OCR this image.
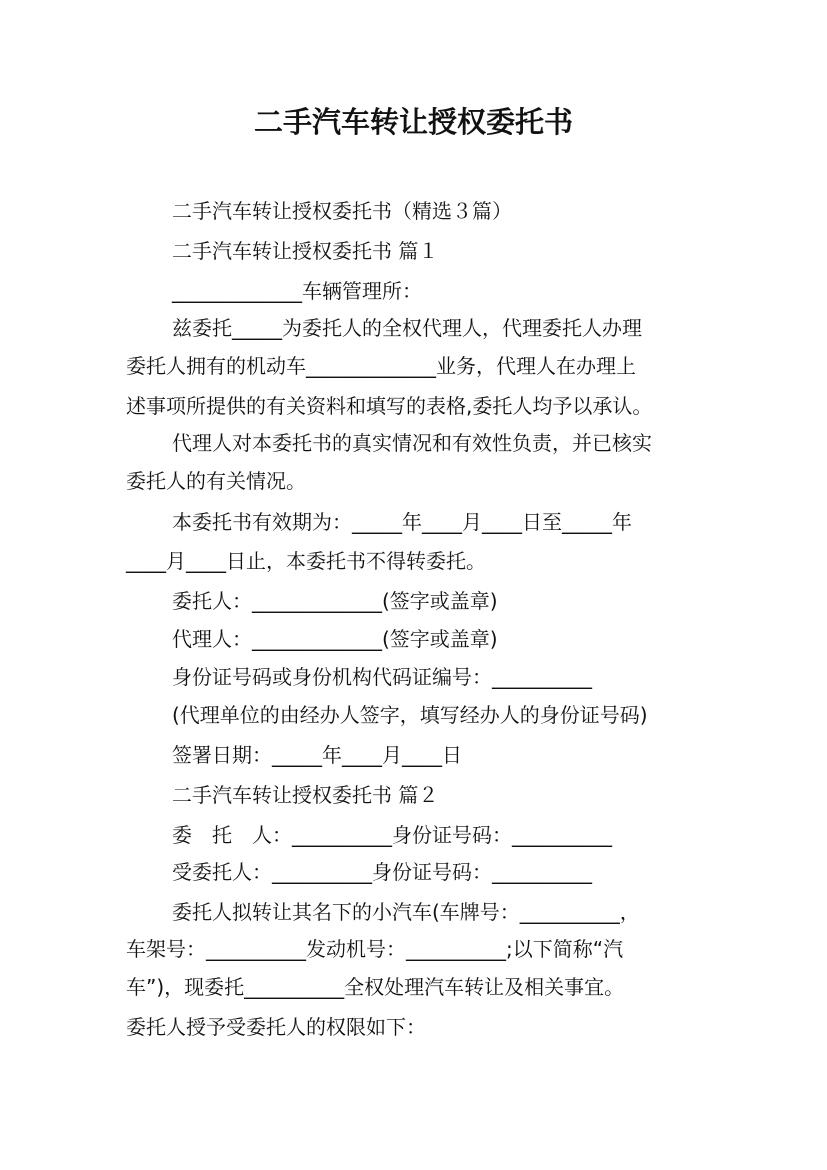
二手汽车转让授权委托书
二手汽车转让授权委托书（精选３篇）
二手汽车转让授权委托书 篇１
_____________车辆管理所：
兹委托_____为委托人的全权代理人，代理委托人办理
委托人拥有的机动车_____________业务，代理人在办理上
述事项所提供的有关资料和填写的表格,委托人均予以承认。
代理人对本委托书的真实情况和有效性负责，并已核实
委托人的有关情况。
本委托书有效期为：_____年____月____日至_____年
____月____日止，本委托书不得转委托。
委托人：_____________(签字或盖章)
代理人：_____________(签字或盖章)
身份证号码或身份机构代码证编号：__________
(代理单位的由经办人签字，填写经办人的身份证号码)
签署日期：_____年____月____日
二手汽车转让授权委托书 篇２
委　托　人：__________身份证号码：__________
受委托人：__________身份证号码：__________
委托人拟转让其名下的小汽车(车牌号：__________，
车架号：__________发动机号：__________;以下简称“汽
车”)，现委托__________全权处理汽车转让及相关事宜。
委托人授予受委托人的权限如下：
